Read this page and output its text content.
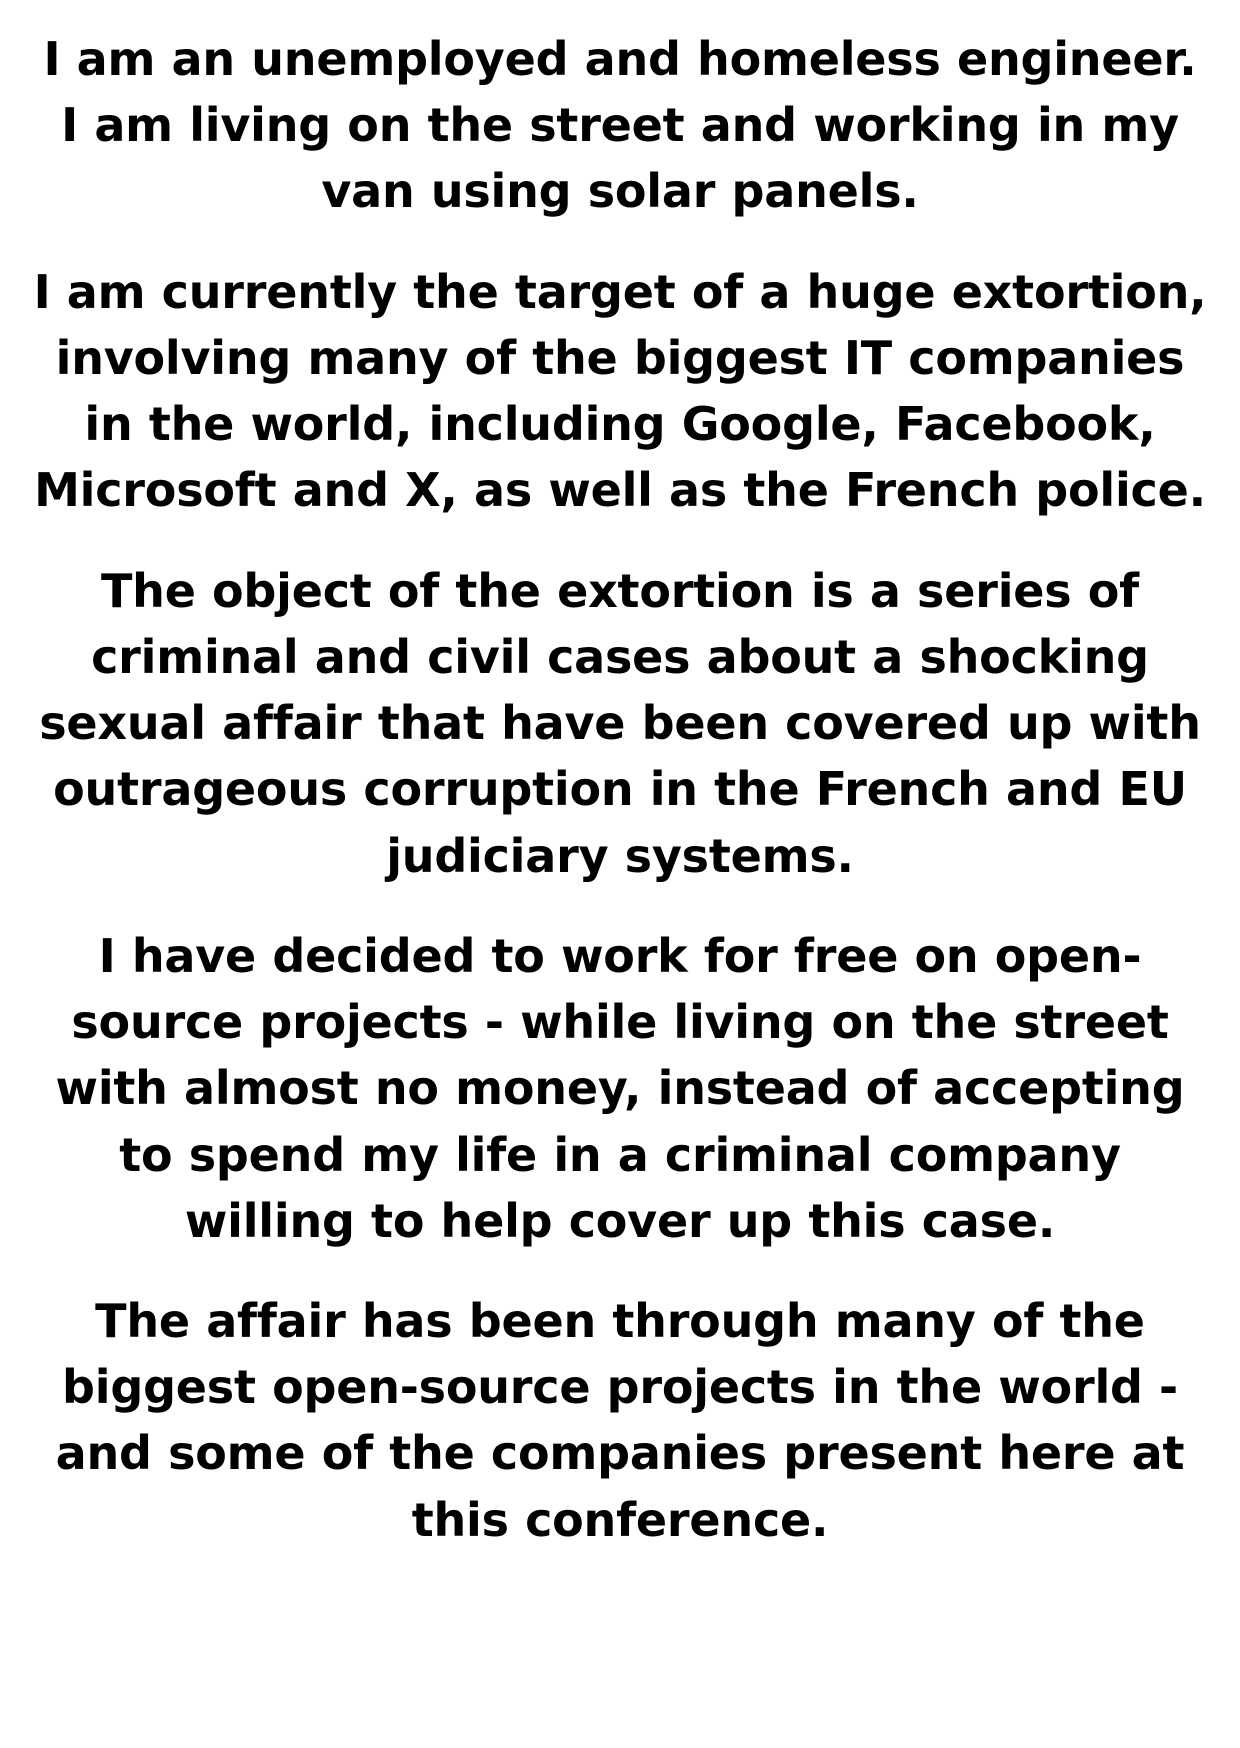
I am an unemployed and homeless engineer. I am living on the street and working in my van using solar panels.

I am currently the target of a huge extortion, involving many of the biggest IT companies in the world, including Google, Facebook, Microsoft and X, as well as the French police.

The object of the extortion is a series of criminal and civil cases about a shocking sexual affair that have been covered up with outrageous corruption in the French and EU judiciary systems.

I have decided to work for free on open-source projects - while living on the street with almost no money, instead of accepting to spend my life in a criminal company willing to help cover up this case.

The affair has been through many of the biggest open-source projects in the world - and some of the companies present here at this conference.
